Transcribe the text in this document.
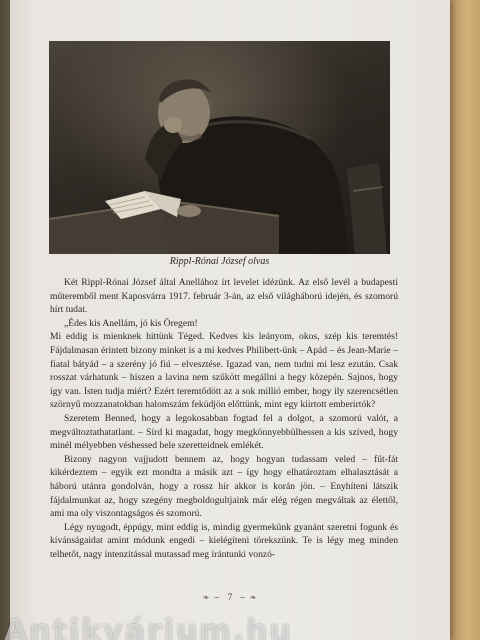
Rippl-Rónai József olvas

Két Rippl-Rónai József által Anellához írt levelet idézünk. Az első levél a budapesti műteremből ment Kaposvárra 1917. február 3-án, az első világháború idején, és szomorú hírt tudat.

„Édes kis Anellám, jó kis Öregem!

Mi eddig is mienknek hittünk Téged. Kedves kis leányom, okos, szép kis teremtés! Fájdalmasan érintett bizony minket is a mi kedves Philibert-ünk – Apád – és Jean-Marie – fiatal bátyád – a szerény jó fiú – elvesztése. Igazad van, nem tudni mi lesz ezután. Csak rosszat várhatunk – hiszen a lavina nem szűkött megállni a hegy közepén. Sajnos, hogy így van. Isten tudja miért? Ezért teremtődött az a sok millió ember, hogy ily szerencsétlen szörnyű mozzanatokban halomszám feküdjön előttünk, mint egy kiirtott emberirtók?

Szeretem Benned, hogy a legokosabban fogtad fel a dolgot, a szomorú valót, a megváltoztathatatlant. – Sírd ki magadat, hogy megkönnyebbülhessen a kis szíved, hogy minél mélyebben véshessed bele szeretteidnek emlékét.

Bizony nagyon vajjudott bennem az, hogy hogyan tudassam veled – fűt-fát kikérdeztem – egyik ezt mondta a másik azt – így hogy elhatároztam elhalasztását a háború utánra gondolván, hogy a rossz hír akkor is korán jön. – Enyhíteni látszik fájdalmunkat az, hogy szegény megboldogultjaink már elég régen megváltak az élettől, ami ma oly viszontagságos és szomorú.

Légy nyugodt, éppúgy, mint eddig is, mindig gyermekünk gyanánt szeretni fogunk és kívánságaidat amint módunk engedi – kielégíteni törekszünk. Te is légy meg minden telhetőt, nagy intenzitással mutassad meg irántunki vonzó-

❧ ∽ 7 ∽ ❧
Antikvárium.hu
